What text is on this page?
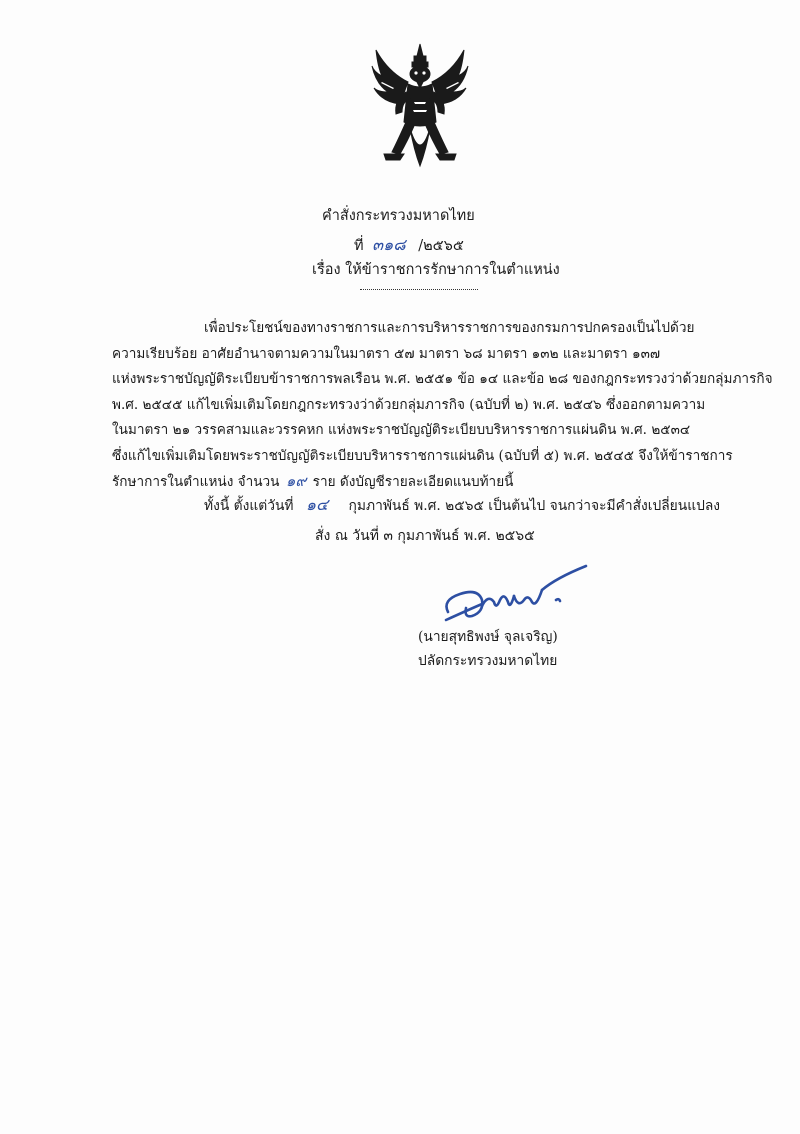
คำสั่งกระทรวงมหาดไทย
ที่ ๓๑๘ /๒๕๖๕
เรื่อง ให้ข้าราชการรักษาการในตำแหน่ง
เพื่อประโยชน์ของทางราชการและการบริหารราชการของกรมการปกครองเป็นไปด้วย
ความเรียบร้อย อาศัยอำนาจตามความในมาตรา ๕๗ มาตรา ๖๘ มาตรา ๑๓๒ และมาตรา ๑๓๗
แห่งพระราชบัญญัติระเบียบข้าราชการพลเรือน พ.ศ. ๒๕๕๑ ข้อ ๑๔ และข้อ ๒๘ ของกฎกระทรวงว่าด้วยกลุ่มภารกิจ
พ.ศ. ๒๕๔๕ แก้ไขเพิ่มเติมโดยกฎกระทรวงว่าด้วยกลุ่มภารกิจ (ฉบับที่ ๒) พ.ศ. ๒๕๔๖ ซึ่งออกตามความ
ในมาตรา ๒๑ วรรคสามและวรรคหก แห่งพระราชบัญญัติระเบียบบริหารราชการแผ่นดิน พ.ศ. ๒๕๓๔
ซึ่งแก้ไขเพิ่มเติมโดยพระราชบัญญัติระเบียบบริหารราชการแผ่นดิน (ฉบับที่ ๕) พ.ศ. ๒๕๔๕ จึงให้ข้าราชการ
รักษาการในตำแหน่ง จำนวน ๑๙ ราย ดังบัญชีรายละเอียดแนบท้ายนี้
ทั้งนี้ ตั้งแต่วันที่ ๑๔ กุมภาพันธ์ พ.ศ. ๒๕๖๕ เป็นต้นไป จนกว่าจะมีคำสั่งเปลี่ยนแปลง
สั่ง ณ วันที่ ๓ กุมภาพันธ์ พ.ศ. ๒๕๖๕
(นายสุทธิพงษ์ จุลเจริญ)
ปลัดกระทรวงมหาดไทย
